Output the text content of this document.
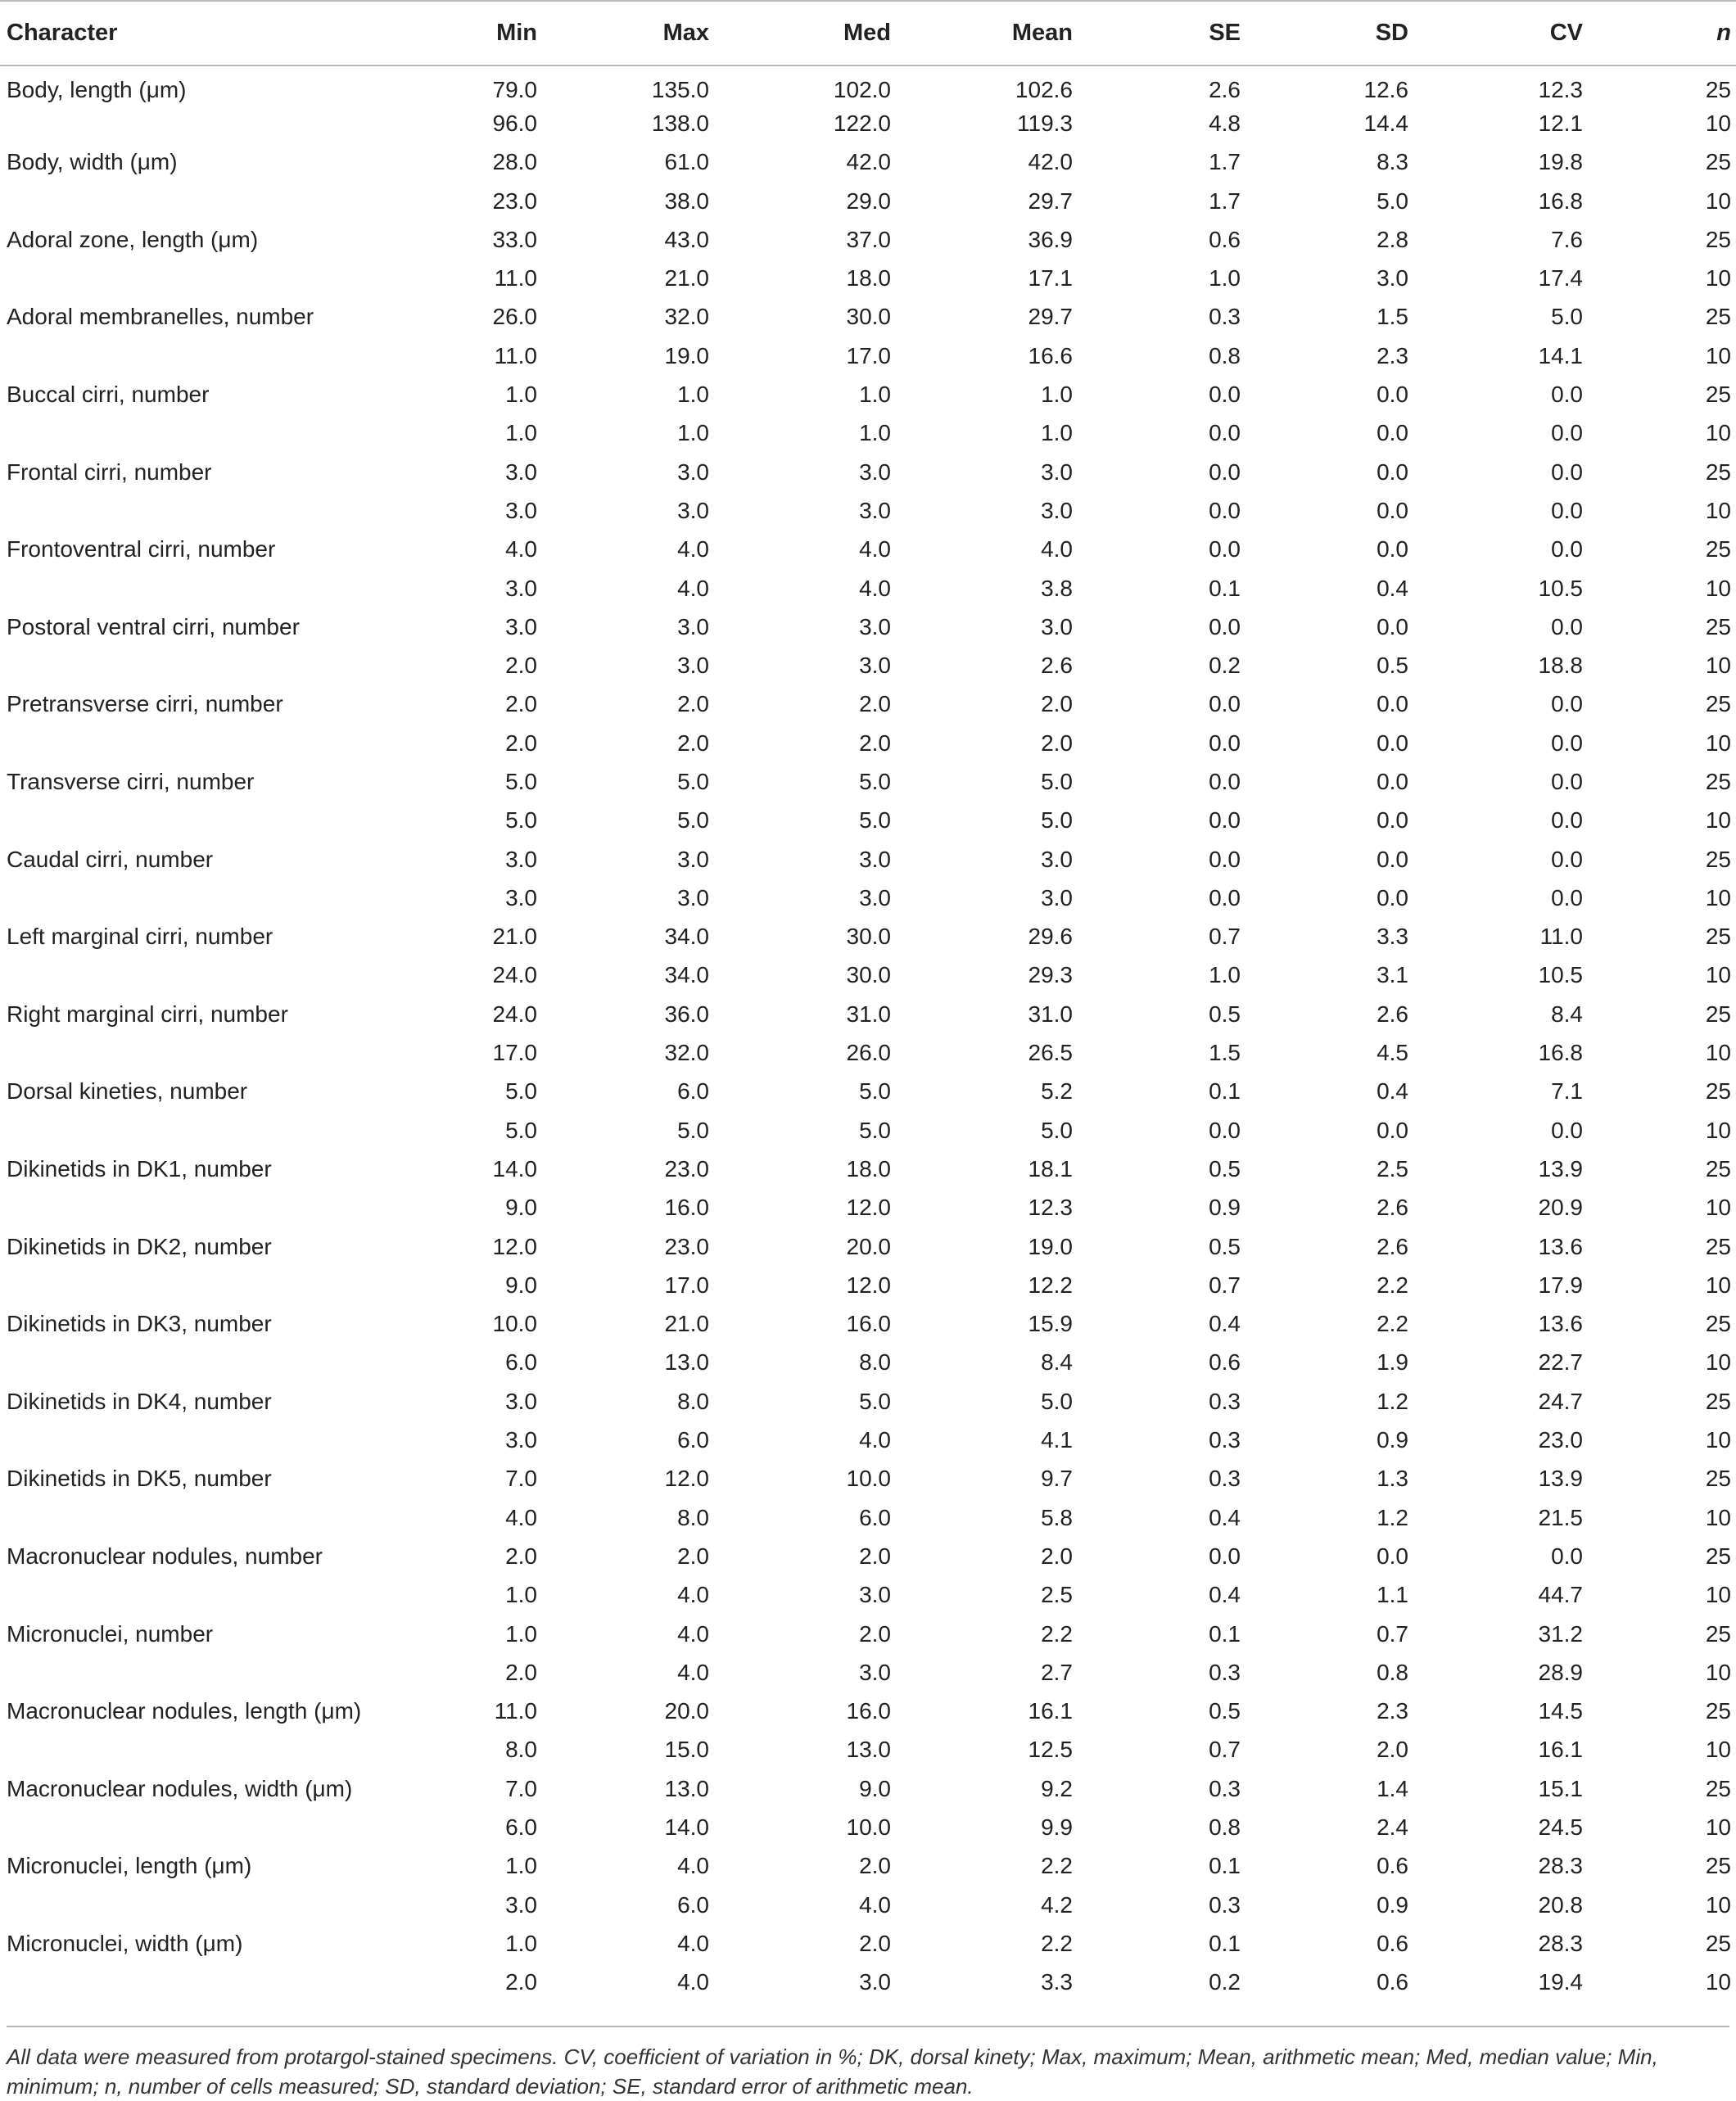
Character	Min	Max	Med	Mean	SE	SD	CV	n
Body, length (μm)	79.0	135.0	102.0	102.6	2.6	12.6	12.3	25
	96.0	138.0	122.0	119.3	4.8	14.4	12.1	10
Body, width (μm)	28.0	61.0	42.0	42.0	1.7	8.3	19.8	25
	23.0	38.0	29.0	29.7	1.7	5.0	16.8	10
Adoral zone, length (μm)	33.0	43.0	37.0	36.9	0.6	2.8	7.6	25
	11.0	21.0	18.0	17.1	1.0	3.0	17.4	10
Adoral membranelles, number	26.0	32.0	30.0	29.7	0.3	1.5	5.0	25
	11.0	19.0	17.0	16.6	0.8	2.3	14.1	10
Buccal cirri, number	1.0	1.0	1.0	1.0	0.0	0.0	0.0	25
	1.0	1.0	1.0	1.0	0.0	0.0	0.0	10
Frontal cirri, number	3.0	3.0	3.0	3.0	0.0	0.0	0.0	25
	3.0	3.0	3.0	3.0	0.0	0.0	0.0	10
Frontoventral cirri, number	4.0	4.0	4.0	4.0	0.0	0.0	0.0	25
	3.0	4.0	4.0	3.8	0.1	0.4	10.5	10
Postoral ventral cirri, number	3.0	3.0	3.0	3.0	0.0	0.0	0.0	25
	2.0	3.0	3.0	2.6	0.2	0.5	18.8	10
Pretransverse cirri, number	2.0	2.0	2.0	2.0	0.0	0.0	0.0	25
	2.0	2.0	2.0	2.0	0.0	0.0	0.0	10
Transverse cirri, number	5.0	5.0	5.0	5.0	0.0	0.0	0.0	25
	5.0	5.0	5.0	5.0	0.0	0.0	0.0	10
Caudal cirri, number	3.0	3.0	3.0	3.0	0.0	0.0	0.0	25
	3.0	3.0	3.0	3.0	0.0	0.0	0.0	10
Left marginal cirri, number	21.0	34.0	30.0	29.6	0.7	3.3	11.0	25
	24.0	34.0	30.0	29.3	1.0	3.1	10.5	10
Right marginal cirri, number	24.0	36.0	31.0	31.0	0.5	2.6	8.4	25
	17.0	32.0	26.0	26.5	1.5	4.5	16.8	10
Dorsal kineties, number	5.0	6.0	5.0	5.2	0.1	0.4	7.1	25
	5.0	5.0	5.0	5.0	0.0	0.0	0.0	10
Dikinetids in DK1, number	14.0	23.0	18.0	18.1	0.5	2.5	13.9	25
	9.0	16.0	12.0	12.3	0.9	2.6	20.9	10
Dikinetids in DK2, number	12.0	23.0	20.0	19.0	0.5	2.6	13.6	25
	9.0	17.0	12.0	12.2	0.7	2.2	17.9	10
Dikinetids in DK3, number	10.0	21.0	16.0	15.9	0.4	2.2	13.6	25
	6.0	13.0	8.0	8.4	0.6	1.9	22.7	10
Dikinetids in DK4, number	3.0	8.0	5.0	5.0	0.3	1.2	24.7	25
	3.0	6.0	4.0	4.1	0.3	0.9	23.0	10
Dikinetids in DK5, number	7.0	12.0	10.0	9.7	0.3	1.3	13.9	25
	4.0	8.0	6.0	5.8	0.4	1.2	21.5	10
Macronuclear nodules, number	2.0	2.0	2.0	2.0	0.0	0.0	0.0	25
	1.0	4.0	3.0	2.5	0.4	1.1	44.7	10
Micronuclei, number	1.0	4.0	2.0	2.2	0.1	0.7	31.2	25
	2.0	4.0	3.0	2.7	0.3	0.8	28.9	10
Macronuclear nodules, length (μm)	11.0	20.0	16.0	16.1	0.5	2.3	14.5	25
	8.0	15.0	13.0	12.5	0.7	2.0	16.1	10
Macronuclear nodules, width (μm)	7.0	13.0	9.0	9.2	0.3	1.4	15.1	25
	6.0	14.0	10.0	9.9	0.8	2.4	24.5	10
Micronuclei, length (μm)	1.0	4.0	2.0	2.2	0.1	0.6	28.3	25
	3.0	6.0	4.0	4.2	0.3	0.9	20.8	10
Micronuclei, width (μm)	1.0	4.0	2.0	2.2	0.1	0.6	28.3	25
	2.0	4.0	3.0	3.3	0.2	0.6	19.4	10
All data were measured from protargol-stained specimens. CV, coefficient of variation in %; DK, dorsal kinety; Max, maximum; Mean, arithmetic mean; Med, median value; Min, minimum; n, number of cells measured; SD, standard deviation; SE, standard error of arithmetic mean.
